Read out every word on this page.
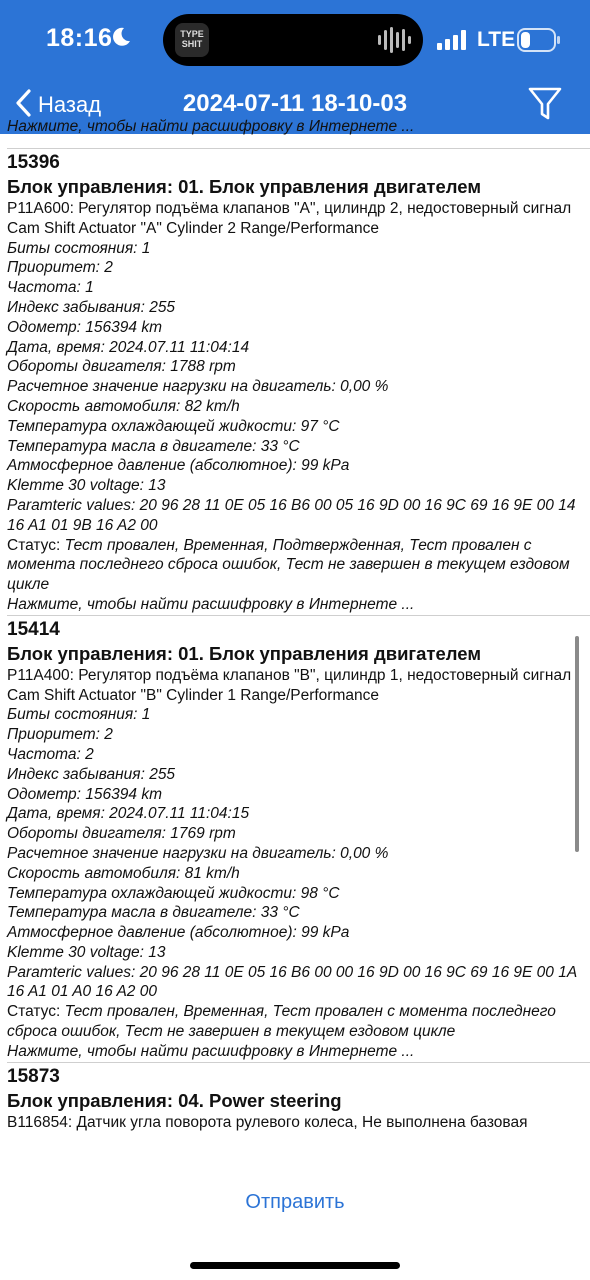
18:16	TYPE SHIT	LTE
Назад	2024-07-11 18-10-03
Нажмите, чтобы найти расшифровку в Интернете ...
15396
Блок управления: 01. Блок управления двигателем
P11A600: Регулятор подъёма клапанов "А", цилиндр 2, недостоверный сигнал
Cam Shift Actuator "A" Cylinder 2 Range/Performance
Биты состояния: 1
Приоритет: 2
Частота: 1
Индекс забывания: 255
Одометр: 156394 km
Дата, время: 2024.07.11 11:04:14
Обороты двигателя: 1788 rpm
Расчетное значение нагрузки на двигатель: 0,00 %
Скорость автомобиля: 82 km/h
Температура охлаждающей жидкости: 97 °C
Температура масла в двигателе: 33 °C
Атмосферное давление (абсолютное): 99 kPa
Klemme 30 voltage: 13
Paramteric values: 20 96 28 11 0E 05 16 B6 00 05 16 9D 00 16 9C 69 16 9E 00 14 16 A1 01 9B 16 A2 00
Статус: Тест провален, Временная, Подтвержденная, Тест провален с момента последнего сброса ошибок, Тест не завершен в текущем ездовом цикле
Нажмите, чтобы найти расшифровку в Интернете ...
15414
Блок управления: 01. Блок управления двигателем
P11A400: Регулятор подъёма клапанов "В", цилиндр 1, недостоверный сигнал
Cam Shift Actuator "B" Cylinder 1 Range/Performance
Биты состояния: 1
Приоритет: 2
Частота: 2
Индекс забывания: 255
Одометр: 156394 km
Дата, время: 2024.07.11 11:04:15
Обороты двигателя: 1769 rpm
Расчетное значение нагрузки на двигатель: 0,00 %
Скорость автомобиля: 81 km/h
Температура охлаждающей жидкости: 98 °C
Температура масла в двигателе: 33 °C
Атмосферное давление (абсолютное): 99 kPa
Klemme 30 voltage: 13
Paramteric values: 20 96 28 11 0E 05 16 B6 00 00 16 9D 00 16 9C 69 16 9E 00 1A 16 A1 01 A0 16 A2 00
Статус: Тест провален, Временная, Тест провален с момента последнего сброса ошибок, Тест не завершен в текущем ездовом цикле
Нажмите, чтобы найти расшифровку в Интернете ...
15873
Блок управления: 04. Power steering
B116854: Датчик угла поворота рулевого колеса, Не выполнена базовая
Отправить
